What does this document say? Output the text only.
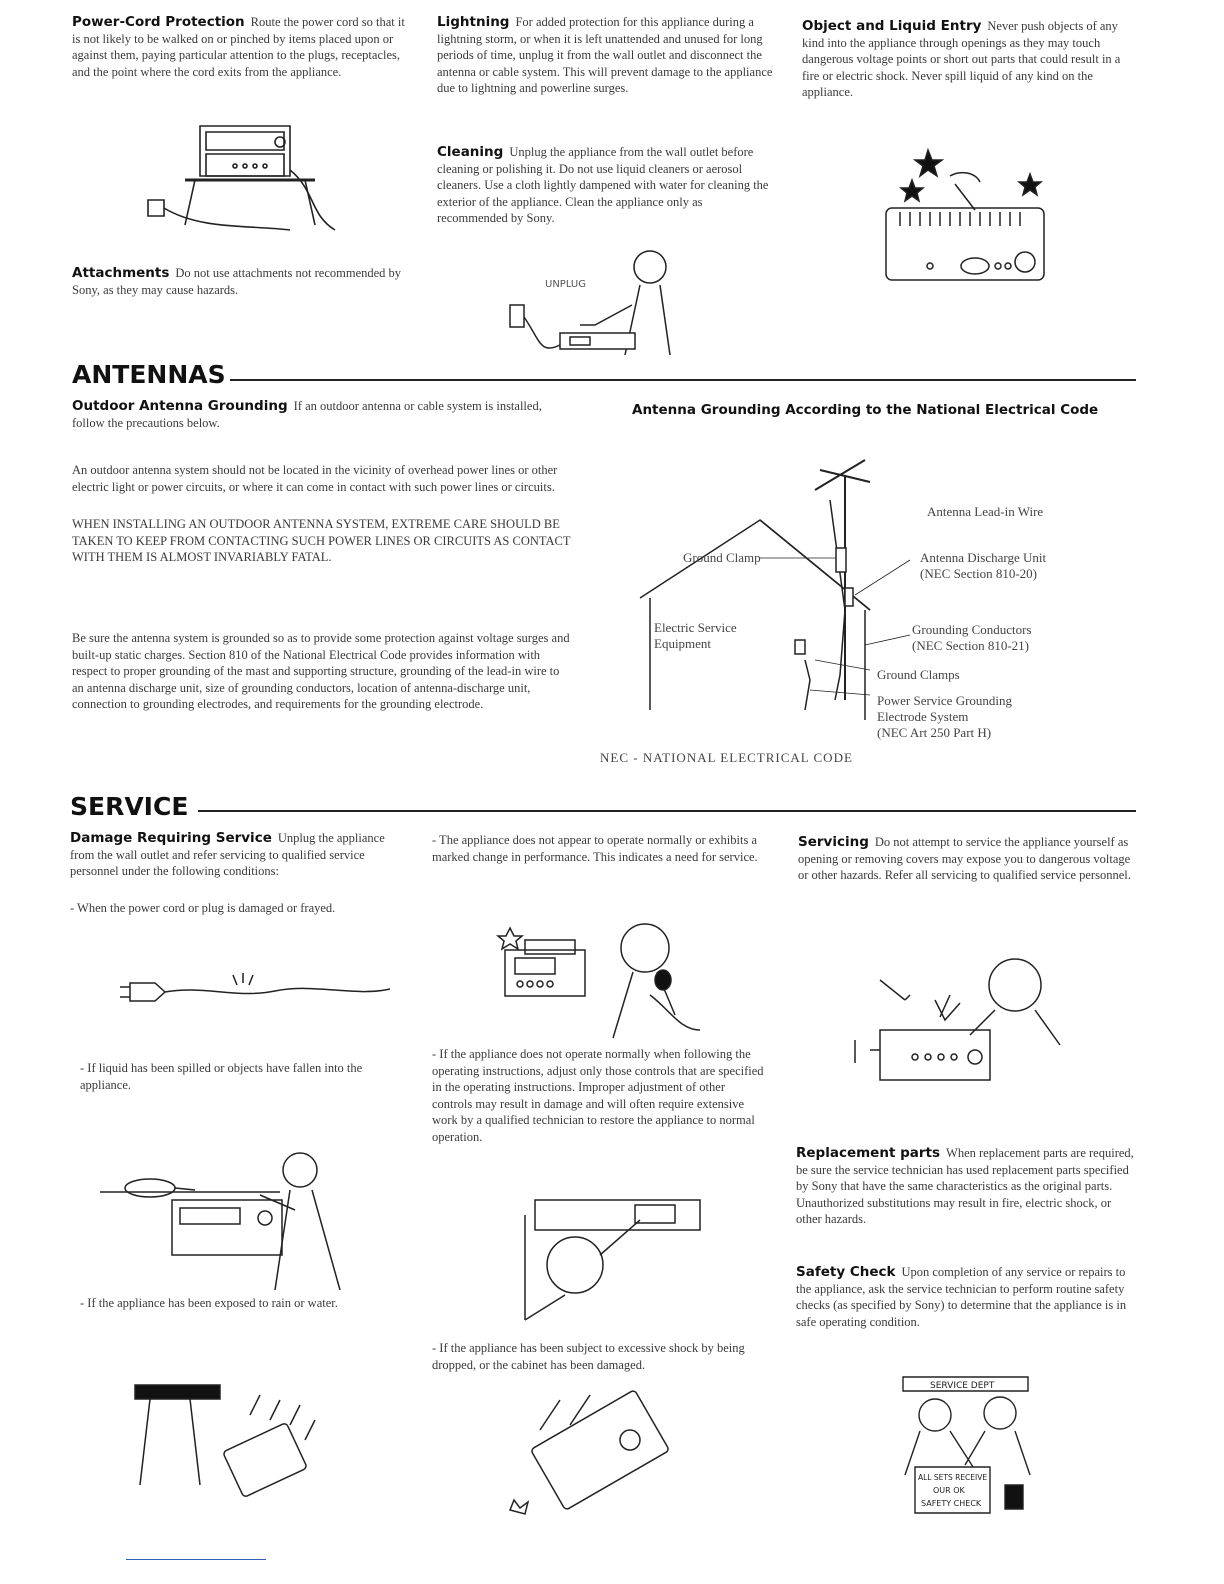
Power-Cord Protection Route the power cord so that it is not likely to be walked on or pinched by items placed upon or against them, paying particular attention to the plugs, receptacles, and the point where the cord exits from the appliance.
Attachments Do not use attachments not recommended by Sony, as they may cause hazards.
Lightning For added protection for this appliance during a lightning storm, or when it is left unattended and unused for long periods of time, unplug it from the wall outlet and disconnect the antenna or cable system. This will prevent damage to the appliance due to lightning and powerline surges.
Cleaning Unplug the appliance from the wall outlet before cleaning or polishing it. Do not use liquid cleaners or aerosol cleaners. Use a cloth lightly dampened with water for cleaning the exterior of the appliance. Clean the appliance only as recommended by Sony.
UNPLUG
Object and Liquid Entry Never push objects of any kind into the appliance through openings as they may touch dangerous voltage points or short out parts that could result in a fire or electric shock. Never spill liquid of any kind on the appliance.
ANTENNAS
Outdoor Antenna Grounding If an outdoor antenna or cable system is installed, follow the precautions below.
An outdoor antenna system should not be located in the vicinity of overhead power lines or other electric light or power circuits, or where it can come in contact with such power lines or circuits.
WHEN INSTALLING AN OUTDOOR ANTENNA SYSTEM, EXTREME CARE SHOULD BE TAKEN TO KEEP FROM CONTACTING SUCH POWER LINES OR CIRCUITS AS CONTACT WITH THEM IS ALMOST INVARIABLY FATAL.
Be sure the antenna system is grounded so as to provide some protection against voltage surges and built-up static charges. Section 810 of the National Electrical Code provides information with respect to proper grounding of the mast and supporting structure, grounding of the lead-in wire to an antenna discharge unit, size of grounding conductors, location of antenna-discharge unit, connection to grounding electrodes, and requirements for the grounding electrode.
Antenna Grounding According to the National Electrical Code
Antenna Lead-in Wire
Ground Clamp	Antenna Discharge Unit
(NEC Section 810-20)
Electric Service
Equipment
Grounding Conductors
(NEC Section 810-21)
Ground Clamps
Power Service Grounding
Electrode System
(NEC Art 250 Part H)
NEC - NATIONAL ELECTRICAL CODE
SERVICE
Damage Requiring Service Unplug the appliance from the wall outlet and refer servicing to qualified service personnel under the following conditions:
- When the power cord or plug is damaged or frayed.
- If liquid has been spilled or objects have fallen into the appliance.
- If the appliance has been exposed to rain or water.
- The appliance does not appear to operate normally or exhibits a marked change in performance. This indicates a need for service.
- If the appliance does not operate normally when following the operating instructions, adjust only those controls that are specified in the operating instructions. Improper adjustment of other controls may result in damage and will often require extensive work by a qualified technician to restore the appliance to normal operation.
- If the appliance has been subject to excessive shock by being dropped, or the cabinet has been damaged.
Servicing Do not attempt to service the appliance yourself as opening or removing covers may expose you to dangerous voltage or other hazards. Refer all servicing to qualified service personnel.
Replacement parts When replacement parts are required, be sure the service technician has used replacement parts specified by Sony that have the same characteristics as the original parts. Unauthorized substitutions may result in fire, electric shock, or other hazards.
Safety Check Upon completion of any service or repairs to the appliance, ask the service technician to perform routine safety checks (as specified by Sony) to determine that the appliance is in safe operating condition.
SERVICE DEPT
ALL SETS RECEIVE
OUR OK
SAFETY CHECK
